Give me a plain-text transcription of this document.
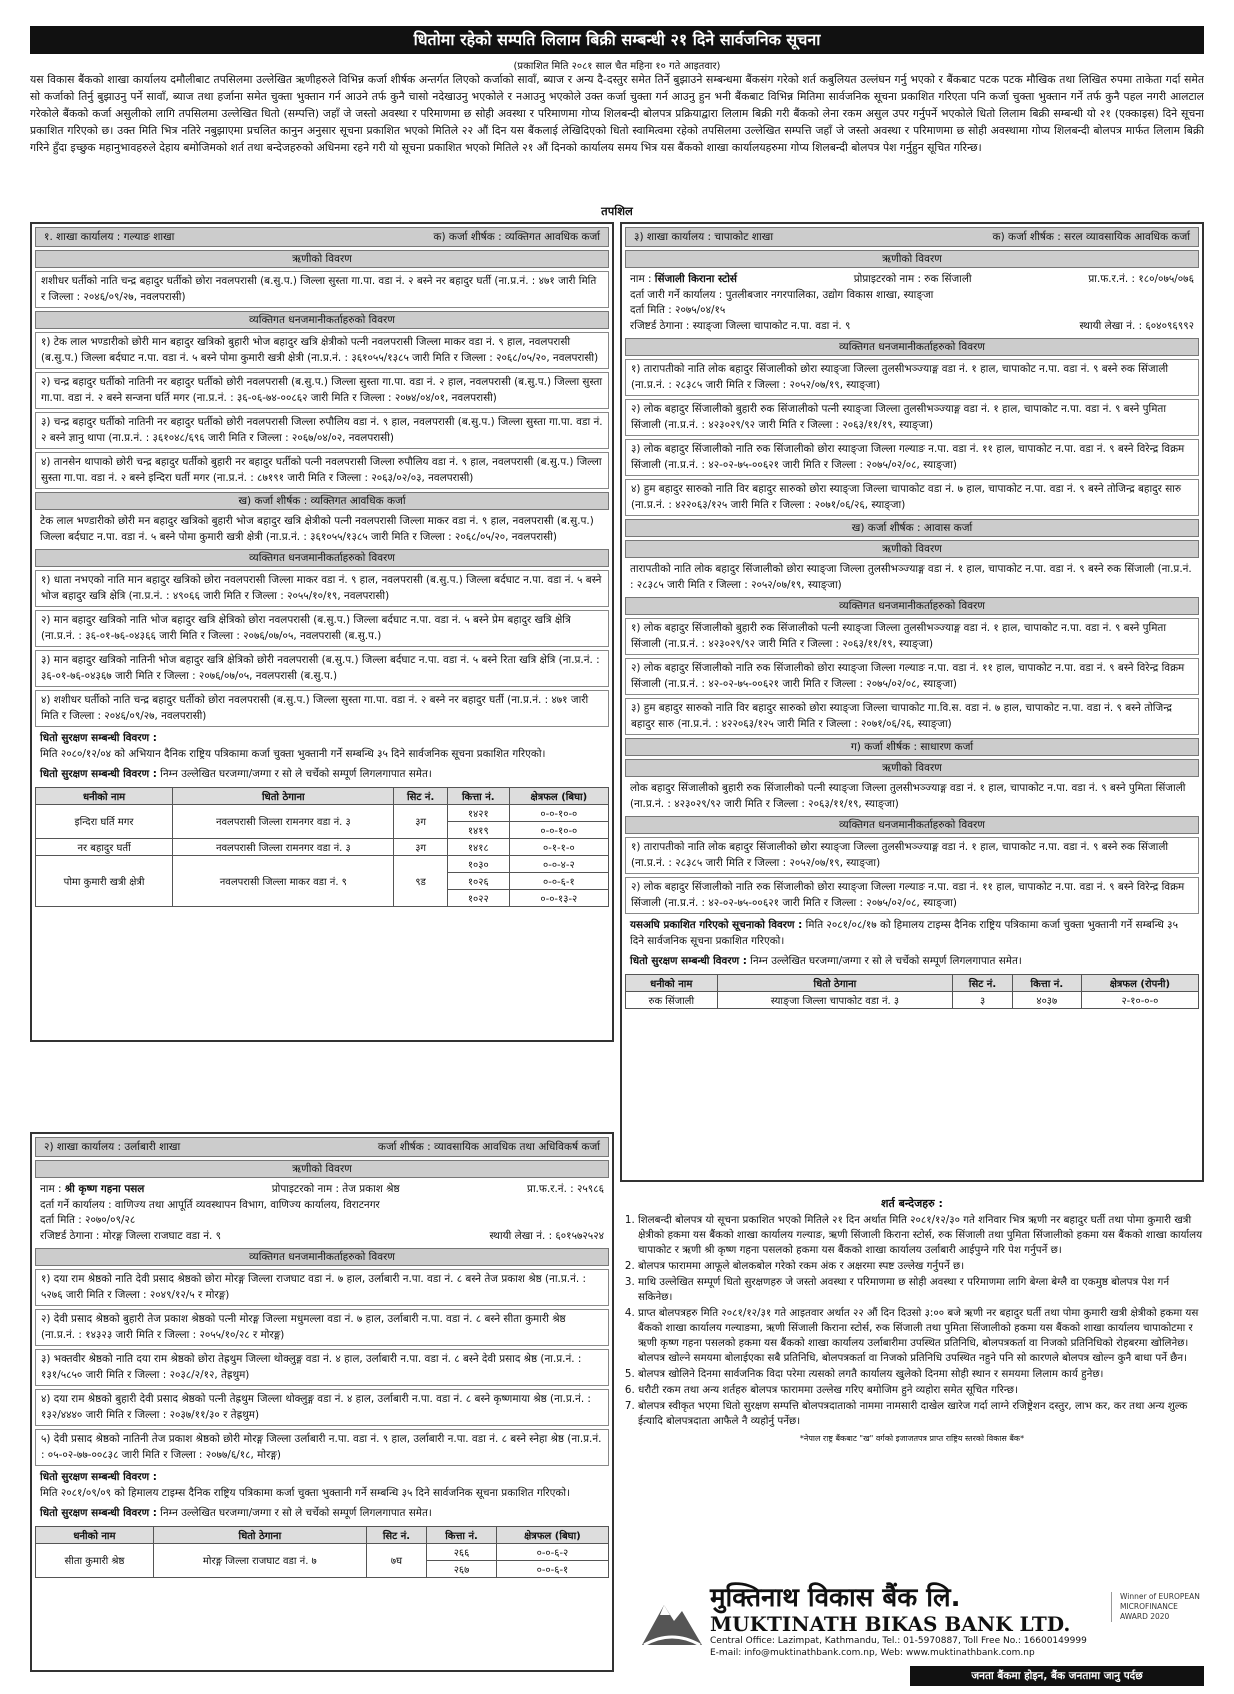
धितोमा रहेको सम्पति लिलाम बिक्री सम्बन्धी २१ दिने सार्वजनिक सूचना
(प्रकाशित मिति २०८१ साल चैत महिना १० गते आइतवार)
यस विकास बैंकको शाखा कार्यालय दमौलीबाट तपसिलमा उल्लेखित ऋणीहरुले विभिन्न कर्जा शीर्षक अन्तर्गत लिएको कर्जाको सावाँ, ब्याज र अन्य दै-दस्तुर समेत तिर्ने बुझाउने सम्बन्धमा बैंकसंग गरेको शर्त कबुलियत उल्लंघन गर्नु भएको र बैंकबाट पटक पटक मौखिक तथा लिखित रुपमा ताकेता गर्दा समेत सो कर्जाको तिर्नु बुझाउनु पर्ने सावाँ, ब्याज तथा हर्जाना समेत चुक्ता भुक्तान गर्न आउने तर्फ कुनै चासो नदेखाउनु भएकोले र नआउनु भएकोले उक्त कर्जा चुक्ता गर्न आउनु हुन भनी बैंकबाट विभिन्न मितिमा सार्वजनिक सूचना प्रकाशित गरिएता पनि कर्जा चुक्ता भुक्तान गर्ने तर्फ कुनै पहल नगरी आलटाल गरेकोले बैंकको कर्जा असुलीको लागि तपसिलमा उल्लेखित धितो (सम्पत्ति) जहाँ जे जस्तो अवस्था र परिमाणमा छ सोही अवस्था र परिमाणमा गोप्य शिलबन्दी बोलपत्र प्रक्रियाद्वारा लिलाम बिक्री गरी बैंकको लेना रकम असुल उपर गर्नुपर्ने भएकोले धितो लिलाम बिक्री सम्बन्धी यो २१ (एक्काइस) दिने सूचना प्रकाशित गरिएको छ। उक्त मिति भित्र नतिरे नबुझाएमा प्रचलित कानुन अनुसार सूचना प्रकाशित भएको मितिले २२ औं दिन यस बैंकलाई लेखिदिएको धितो स्वामित्वमा रहेको तपसिलमा उल्लेखित सम्पत्ति जहाँ जे जस्तो अवस्था र परिमाणमा छ सोही अवस्थामा गोप्य शिलबन्दी बोलपत्र मार्फत लिलाम बिक्री गरिने हुँदा इच्छुक महानुभावहरुले देहाय बमोजिमको शर्त तथा बन्देजहरुको अधिनमा रहने गरी यो सूचना प्रकाशित भएको मितिले २१ औं दिनको कार्यालय समय भित्र यस बैंकको शाखा कार्यालयहरुमा गोप्य शिलबन्दी बोलपत्र पेश गर्नुहुन सूचित गरिन्छ।
तपशिल
१. शाखा कार्यालय : गल्याङ शाखा	क) कर्जा शीर्षक : व्यक्तिगत आवधिक कर्जा
ऋणीको विवरण
शशीधर घर्तीको नाति चन्द्र बहादुर घर्तीको छोरा नवलपरासी (ब.सु.प.) जिल्ला सुस्ता गा.पा. वडा नं. २ बस्ने नर बहादुर घर्ती (ना.प्र.नं. : ४७१ जारी मिति र जिल्ला : २०४६/०९/२७, नवलपरासी)
व्यक्तिगत धनजमानीकर्ताहरुको विवरण
१) टेक लाल भण्डारीको छोरी मान बहादुर खत्रिको बुहारी भोज बहादुर खत्रि क्षेत्रीको पत्नी नवलपरासी जिल्ला माकर वडा नं. ९ हाल, नवलपरासी (ब.सु.प.) जिल्ला बर्दघाट न.पा. वडा नं. ५ बस्ने पोमा कुमारी खत्री क्षेत्री (ना.प्र.नं. : ३६१०५५/१३८५ जारी मिति र जिल्ला : २०६८/०५/२०, नवलपरासी)
२) चन्द्र बहादुर घर्तीको नातिनी नर बहादुर घर्तीको छोरी नवलपरासी (ब.सु.प.) जिल्ला सुस्ता गा.पा. वडा नं. २ हाल, नवलपरासी (ब.सु.प.) जिल्ला सुस्ता गा.पा. वडा नं. २ बस्ने सन्जना घर्ति मगर (ना.प्र.नं. : ३६-०६-७४-००८६२ जारी मिति र जिल्ला : २०७४/०४/०१, नवलपरासी)
३) चन्द्र बहादुर घर्तीको नातिनी नर बहादुर घर्तीको छोरी नवलपरासी जिल्ला रुपौलिय वडा नं. ९ हाल, नवलपरासी (ब.सु.प.) जिल्ला सुस्ता गा.पा. वडा नं. २ बस्ने ज्ञानु थापा (ना.प्र.नं. : ३६१०४८/६९६ जारी मिति र जिल्ला : २०६७/०४/०२, नवलपरासी)
४) तानसेन थापाको छोरी चन्द्र बहादुर घर्तीको बुहारी नर बहादुर घर्तीको पत्नी नवलपरासी जिल्ला रुपौलिय वडा नं. ९ हाल, नवलपरासी (ब.सु.प.) जिल्ला सुस्ता गा.पा. वडा नं. २ बस्ने इन्दिरा घर्ती मगर (ना.प्र.नं. : ८७१९१ जारी मिति र जिल्ला : २०६३/०२/०३, नवलपरासी)
ख) कर्जा शीर्षक : व्यक्तिगत आवधिक कर्जा
टेक लाल भण्डारीको छोरी मन बहादुर खत्रिको बुहारी भोज बहादुर खत्रि क्षेत्रीको पत्नी नवलपरासी जिल्ला माकर वडा नं. ९ हाल, नवलपरासी (ब.सु.प.) जिल्ला बर्दघाट न.पा. वडा नं. ५ बस्ने पोमा कुमारी खत्री क्षेत्री (ना.प्र.नं. : ३६१०५५/१३८५ जारी मिति र जिल्ला : २०६८/०५/२०, नवलपरासी)
व्यक्तिगत धनजमानीकर्ताहरुको विवरण
१) धाता नभएको नाति मान बहादुर खत्रिको छोरा नवलपरासी जिल्ला माकर वडा नं. ९ हाल, नवलपरासी (ब.सु.प.) जिल्ला बर्दघाट न.पा. वडा नं. ५ बस्ने भोज बहादुर खत्रि क्षेत्रि (ना.प्र.नं. : ४९०६६ जारी मिति र जिल्ला : २०५५/१०/१९, नवलपरासी)
२) मान बहादुर खत्रिको नाति भोज बहादुर खत्रि क्षेत्रिको छोरा नवलपरासी (ब.सु.प.) जिल्ला बर्दघाट न.पा. वडा नं. ५ बस्ने प्रेम बहादुर खत्रि क्षेत्रि (ना.प्र.नं. : ३६-०१-७६-०४३६६ जारी मिति र जिल्ला : २०७६/०७/०५, नवलपरासी (ब.सु.प.)
३) मान बहादुर खत्रिको नातिनी भोज बहादुर खत्रि क्षेत्रिको छोरी नवलपरासी (ब.सु.प.) जिल्ला बर्दघाट न.पा. वडा नं. ५ बस्ने रिता खत्रि क्षेत्रि (ना.प्र.नं. : ३६-०१-७६-०४३६७ जारी मिति र जिल्ला : २०७६/०७/०५, नवलपरासी (ब.सु.प.)
४) शशीधर घर्तीको नाति चन्द्र बहादुर घर्तीको छोरा नवलपरासी (ब.सु.प.) जिल्ला सुस्ता गा.पा. वडा नं. २ बस्ने नर बहादुर घर्ती (ना.प्र.नं. : ४७१ जारी मिति र जिल्ला : २०४६/०९/२७, नवलपरासी)
धितो सुरक्षण सम्बन्धी विवरण :
मिति २०८०/१२/०४ को अभियान दैनिक राष्ट्रिय पत्रिकामा कर्जा चुक्ता भुक्तानी गर्ने सम्बन्धि ३५ दिने सार्वजनिक सूचना प्रकाशित गरिएको।
धितो सुरक्षण सम्बन्धी विवरण : निम्न उल्लेखित घरजग्गा/जग्गा र सो ले चर्चेको सम्पूर्ण लिगलगापात समेत।
धनीको नाम	धितो ठेगाना	सिट नं.	कित्ता नं.	क्षेत्रफल (बिघा)
इन्दिरा घर्ति मगर	नवलपरासी जिल्ला रामनगर वडा नं. ३	३ग	१४२१	०-०-१०-०
			१४१९	०-०-१०-०
नर बहादुर घर्ती	नवलपरासी जिल्ला रामनगर वडा नं. ३	३ग	१४१८	०-१-१-०
पोमा कुमारी खत्री क्षेत्री	नवलपरासी जिल्ला माकर वडा नं. ९	९ड	१०३०	०-०-४-२
			१०२६	०-०-६-१
			१०२२	०-०-१३-२
२) शाखा कार्यालय : उर्लाबारी शाखा	कर्जा शीर्षक : व्यावसायिक आवधिक तथा अधिविकर्ष कर्जा
ऋणीको विवरण
नाम : श्री कृष्ण गहना पसल	प्रोपाइटरको नाम : तेज प्रकाश श्रेष्ठ	प्रा.फ.र.नं. : २५९८६
दर्ता गर्ने कार्यालय : वाणिज्य तथा आपूर्ति व्यवस्थापन विभाग, वाणिज्य कार्यालय, विराटनगर
दर्ता मिति : २०७०/०९/२८
रजिष्टर्ड ठेगाना : मोरङ्ग जिल्ला राजघाट वडा नं. ९	स्थायी लेखा नं. : ६०१५७२५२४
व्यक्तिगत धनजमानीकर्ताहरुको विवरण
१) दया राम श्रेष्ठको नाति देवी प्रसाद श्रेष्ठको छोरा मोरङ्ग जिल्ला राजघाट वडा नं. ७ हाल, उर्लाबारी न.पा. वडा नं. ८ बस्ने तेज प्रकाश श्रेष्ठ (ना.प्र.नं. : ५२७६ जारी मिति र जिल्ला : २०४९/१२/५ र मोरङ्ग)
२) देवी प्रसाद श्रेष्ठको बुहारी तेज प्रकाश श्रेष्ठको पत्नी मोरङ्ग जिल्ला मधुमल्ला वडा नं. ७ हाल, उर्लाबारी न.पा. वडा नं. ८ बस्ने सीता कुमारी श्रेष्ठ (ना.प्र.नं. : १४३२३ जारी मिति र जिल्ला : २०५५/१०/२८ र मोरङ्ग)
३) भक्तवीर श्रेष्ठको नाति दया राम श्रेष्ठको छोरा तेह्रथुम जिल्ला थोक्लुङ्ग वडा नं. ४ हाल, उर्लाबारी न.पा. वडा नं. ८ बस्ने देवी प्रसाद श्रेष्ठ (ना.प्र.नं. : १३१/५८५० जारी मिति र जिल्ला : २०३८/२/१२, तेह्रथुम)
४) दया राम श्रेष्ठको बुहारी देवी प्रसाद श्रेष्ठको पत्नी तेह्रथुम जिल्ला थोक्लुङ्ग वडा नं. ४ हाल, उर्लाबारी न.पा. वडा नं. ८ बस्ने कृष्णमाया श्रेष्ठ (ना.प्र.नं. : १३२/४४४० जारी मिति र जिल्ला : २०३७/११/३० र तेह्रथुम)
५) देवी प्रसाद श्रेष्ठको नातिनी तेज प्रकाश श्रेष्ठको छोरी मोरङ्ग जिल्ला उर्लाबारी न.पा. वडा नं. ९ हाल, उर्लाबारी न.पा. वडा नं. ८ बस्ने स्नेहा श्रेष्ठ (ना.प्र.नं. : ०५-०२-७७-००८३८ जारी मिति र जिल्ला : २०७७/६/१८, मोरङ्ग)
धितो सुरक्षण सम्बन्धी विवरण :
मिति २०८१/०९/०९ को हिमालय टाइम्स दैनिक राष्ट्रिय पत्रिकामा कर्जा चुक्ता भुक्तानी गर्ने सम्बन्धि ३५ दिने सार्वजनिक सूचना प्रकाशित गरिएको।
धितो सुरक्षण सम्बन्धी विवरण : निम्न उल्लेखित घरजग्गा/जग्गा र सो ले चर्चेको सम्पूर्ण लिगलगापात समेत।
धनीको नाम	धितो ठेगाना	सिट नं.	कित्ता नं.	क्षेत्रफल (बिघा)
सीता कुमारी श्रेष्ठ	मोरङ्ग जिल्ला राजघाट वडा नं. ७	७घ	२६६	०-०-६-२
			२६७	०-०-६-१
३) शाखा कार्यालय : चापाकोट शाखा	क) कर्जा शीर्षक : सरल व्यावसायिक आवधिक कर्जा
ऋणीको विवरण
नाम : सिंजाली किराना स्टोर्स	प्रोप्राइटरको नाम : रुक सिंजाली	प्रा.फ.र.नं. : १८०/०७५/०७६
दर्ता जारी गर्ने कार्यालय : पुतलीबजार नगरपालिका, उद्योग विकास शाखा, स्याङ्जा
दर्ता मिति : २०७५/०४/१५
रजिष्टर्ड ठेगाना : स्याङ्जा जिल्ला चापाकोट न.पा. वडा नं. ९	स्थायी लेखा नं. : ६०४०९६९९२
व्यक्तिगत धनजमानीकर्ताहरुको विवरण
१) तारापतीको नाति लोक बहादुर सिंजालीको छोरा स्याङ्जा जिल्ला तुलसीभञ्ज्याङ्ग वडा नं. १ हाल, चापाकोट न.पा. वडा नं. ९ बस्ने रुक सिंजाली (ना.प्र.नं. : २८३८५ जारी मिति र जिल्ला : २०५२/०७/१९, स्याङ्जा)
२) लोक बहादुर सिंजालीको बुहारी रुक सिंजालीको पत्नी स्याङ्जा जिल्ला तुलसीभञ्ज्याङ्ग वडा नं. १ हाल, चापाकोट न.पा. वडा नं. ९ बस्ने पुमिता सिंजाली (ना.प्र.नं. : ४२३०२९/९२ जारी मिति र जिल्ला : २०६३/११/१९, स्याङ्जा)
३) लोक बहादुर सिंजालीको नाति रुक सिंजालीको छोरा स्याङ्जा जिल्ला गल्याङ न.पा. वडा नं. ११ हाल, चापाकोट न.पा. वडा नं. ९ बस्ने विरेन्द्र विक्रम सिंजाली (ना.प्र.नं. : ४२-०२-७५-००६२१ जारी मिति र जिल्ला : २०७५/०२/०८, स्याङ्जा)
४) हुम बहादुर सारुको नाति विर बहादुर सारुको छोरा स्याङ्जा जिल्ला चापाकोट वडा नं. ७ हाल, चापाकोट न.पा. वडा नं. ९ बस्ने तोजिन्द्र बहादुर सारु (ना.प्र.नं. : ४२२०६३/१२५ जारी मिति र जिल्ला : २०७१/०६/२६, स्याङ्जा)
ख) कर्जा शीर्षक : आवास कर्जा
ऋणीको विवरण
तारापतीको नाति लोक बहादुर सिंजालीको छोरा स्याङ्जा जिल्ला तुलसीभञ्ज्याङ्ग वडा नं. १ हाल, चापाकोट न.पा. वडा नं. ९ बस्ने रुक सिंजाली (ना.प्र.नं. : २८३८५ जारी मिति र जिल्ला : २०५२/०७/१९, स्याङ्जा)
व्यक्तिगत धनजमानीकर्ताहरुको विवरण
१) लोक बहादुर सिंजालीको बुहारी रुक सिंजालीको पत्नी स्याङ्जा जिल्ला तुलसीभञ्ज्याङ्ग वडा नं. १ हाल, चापाकोट न.पा. वडा नं. ९ बस्ने पुमिता सिंजाली (ना.प्र.नं. : ४२३०२९/९२ जारी मिति र जिल्ला : २०६३/११/१९, स्याङ्जा)
२) लोक बहादुर सिंजालीको नाति रुक सिंजालीको छोरा स्याङ्जा जिल्ला गल्याङ न.पा. वडा नं. ११ हाल, चापाकोट न.पा. वडा नं. ९ बस्ने विरेन्द्र विक्रम सिंजाली (ना.प्र.नं. : ४२-०२-७५-००६२१ जारी मिति र जिल्ला : २०७५/०२/०८, स्याङ्जा)
३) हुम बहादुर सारुको नाति विर बहादुर सारुको छोरा स्याङ्जा जिल्ला चापाकोट गा.वि.स. वडा नं. ७ हाल, चापाकोट न.पा. वडा नं. ९ बस्ने तोजिन्द्र बहादुर सारु (ना.प्र.नं. : ४२२०६३/१२५ जारी मिति र जिल्ला : २०७१/०६/२६, स्याङ्जा)
ग) कर्जा शीर्षक : साधारण कर्जा
ऋणीको विवरण
लोक बहादुर सिंजालीको बुहारी रुक सिंजालीको पत्नी स्याङ्जा जिल्ला तुलसीभञ्ज्याङ्ग वडा नं. १ हाल, चापाकोट न.पा. वडा नं. ९ बस्ने पुमिता सिंजाली (ना.प्र.नं. : ४२३०२९/९२ जारी मिति र जिल्ला : २०६३/११/१९, स्याङ्जा)
व्यक्तिगत धनजमानीकर्ताहरुको विवरण
१) तारापतीको नाति लोक बहादुर सिंजालीको छोरा स्याङ्जा जिल्ला तुलसीभञ्ज्याङ्ग वडा नं. १ हाल, चापाकोट न.पा. वडा नं. ९ बस्ने रुक सिंजाली (ना.प्र.नं. : २८३८५ जारी मिति र जिल्ला : २०५२/०७/१९, स्याङ्जा)
२) लोक बहादुर सिंजालीको नाति रुक सिंजालीको छोरा स्याङ्जा जिल्ला गल्याङ न.पा. वडा नं. ११ हाल, चापाकोट न.पा. वडा नं. ९ बस्ने विरेन्द्र विक्रम सिंजाली (ना.प्र.नं. : ४२-०२-७५-००६२१ जारी मिति र जिल्ला : २०७५/०२/०८, स्याङ्जा)
यसअघि प्रकाशित गरिएको सूचनाको विवरण : मिति २०८१/०८/१७ को हिमालय टाइम्स दैनिक राष्ट्रिय पत्रिकामा कर्जा चुक्ता भुक्तानी गर्ने सम्बन्धि ३५ दिने सार्वजनिक सूचना प्रकाशित गरिएको।
धितो सुरक्षण सम्बन्धी विवरण : निम्न उल्लेखित घरजग्गा/जग्गा र सो ले चर्चेको सम्पूर्ण लिगलगापात समेत।
धनीको नाम	धितो ठेगाना	सिट नं.	कित्ता नं.	क्षेत्रफल (रोपनी)
रुक सिंजाली	स्याङ्जा जिल्ला चापाकोट वडा नं. ३	३	४०३७	२-१०-०-०
शर्त बन्देजहरु :
1. शिलबन्दी बोलपत्र यो सूचना प्रकाशित भएको मितिले २१ दिन अर्थात मिति २०८१/१२/३० गते शनिवार भित्र ऋणी नर बहादुर घर्ती तथा पोमा कुमारी खत्री क्षेत्रीको हकमा यस बैंकको शाखा कार्यालय गल्याङ, ऋणी सिंजाली किराना स्टोर्स, रुक सिंजाली तथा पुमिता सिंजालीको हकमा यस बैंकको शाखा कार्यालय चापाकोट र ऋणी श्री कृष्ण गहना पसलको हकमा यस बैंकको शाखा कार्यालय उर्लाबारी आईपुग्ने गरि पेश गर्नुपर्ने छ।
2. बोलपत्र फाराममा आफूले बोलकबोल गरेको रकम अंक र अक्षरमा स्पष्ट उल्लेख गर्नुपर्ने छ।
3. माथि उल्लेखित सम्पूर्ण धितो सुरक्षणहरु जे जस्तो अवस्था र परिमाणमा छ सोही अवस्था र परिमाणमा लागि बेग्ला बेग्लै वा एकमुष्ठ बोलपत्र पेश गर्न सकिनेछ।
4. प्राप्त बोलपत्रहरु मिति २०८१/१२/३१ गते आइतवार अर्थात २२ औं दिन दिउसो ३:०० बजे ऋणी नर बहादुर घर्ती तथा पोमा कुमारी खत्री क्षेत्रीको हकमा यस बैंकको शाखा कार्यालय गल्याङमा, ऋणी सिंजाली किराना स्टोर्स, रुक सिंजाली तथा पुमिता सिंजालीको हकमा यस बैंकको शाखा कार्यालय चापाकोटमा र ऋणी कृष्ण गहना पसलको हकमा यस बैंकको शाखा कार्यालय उर्लाबारीमा उपस्थित प्रतिनिधि, बोलपत्रकर्ता वा निजको प्रतिनिधिको रोहबरमा खोलिनेछ। बोलपत्र खोल्ने समयमा बोलाईएका सबै प्रतिनिधि, बोलपत्रकर्ता वा निजको प्रतिनिधि उपस्थित नहुने पनि सो कारणले बोलपत्र खोल्न कुनै बाधा पर्ने छैन।
5. बोलपत्र खोलिने दिनमा सार्वजनिक विदा परेमा त्यसको लगतै कार्यालय खुलेको दिनमा सोही स्थान र समयमा लिलाम कार्य हुनेछ।
6. धरौटी रकम तथा अन्य शर्तहरु बोलपत्र फाराममा उल्लेख गरिए बमोजिम हुने व्यहोरा समेत सूचित गरिन्छ।
7. बोलपत्र स्वीकृत भएमा धितो सुरक्षण सम्पत्ति बोलपत्रदाताको नाममा नामसारी दाखेल खारेज गर्दा लाग्ने रजिष्ट्रेशन दस्तुर, लाभ कर, कर तथा अन्य शुल्क ईत्यादि बोलपत्रदाता आफैले नै व्यहोर्नु पर्नेछ।
*नेपाल राष्ट्र बैंकबाट "ख" वर्गको इजाजतपत्र प्राप्त राष्ट्रिय स्तरको विकास बैंक*
मुक्तिनाथ विकास बैंक लि.
MUKTINATH BIKAS BANK LTD.
Central Office: Lazimpat, Kathmandu, Tel.: 01-5970887, Toll Free No.: 16600149999
E-mail: info@muktinathbank.com.np, Web: www.muktinathbank.com.np
Winner of EUROPEAN MICROFINANCE AWARD 2020
जनता बैंकमा होइन, बैंक जनतामा जानु पर्दछ
